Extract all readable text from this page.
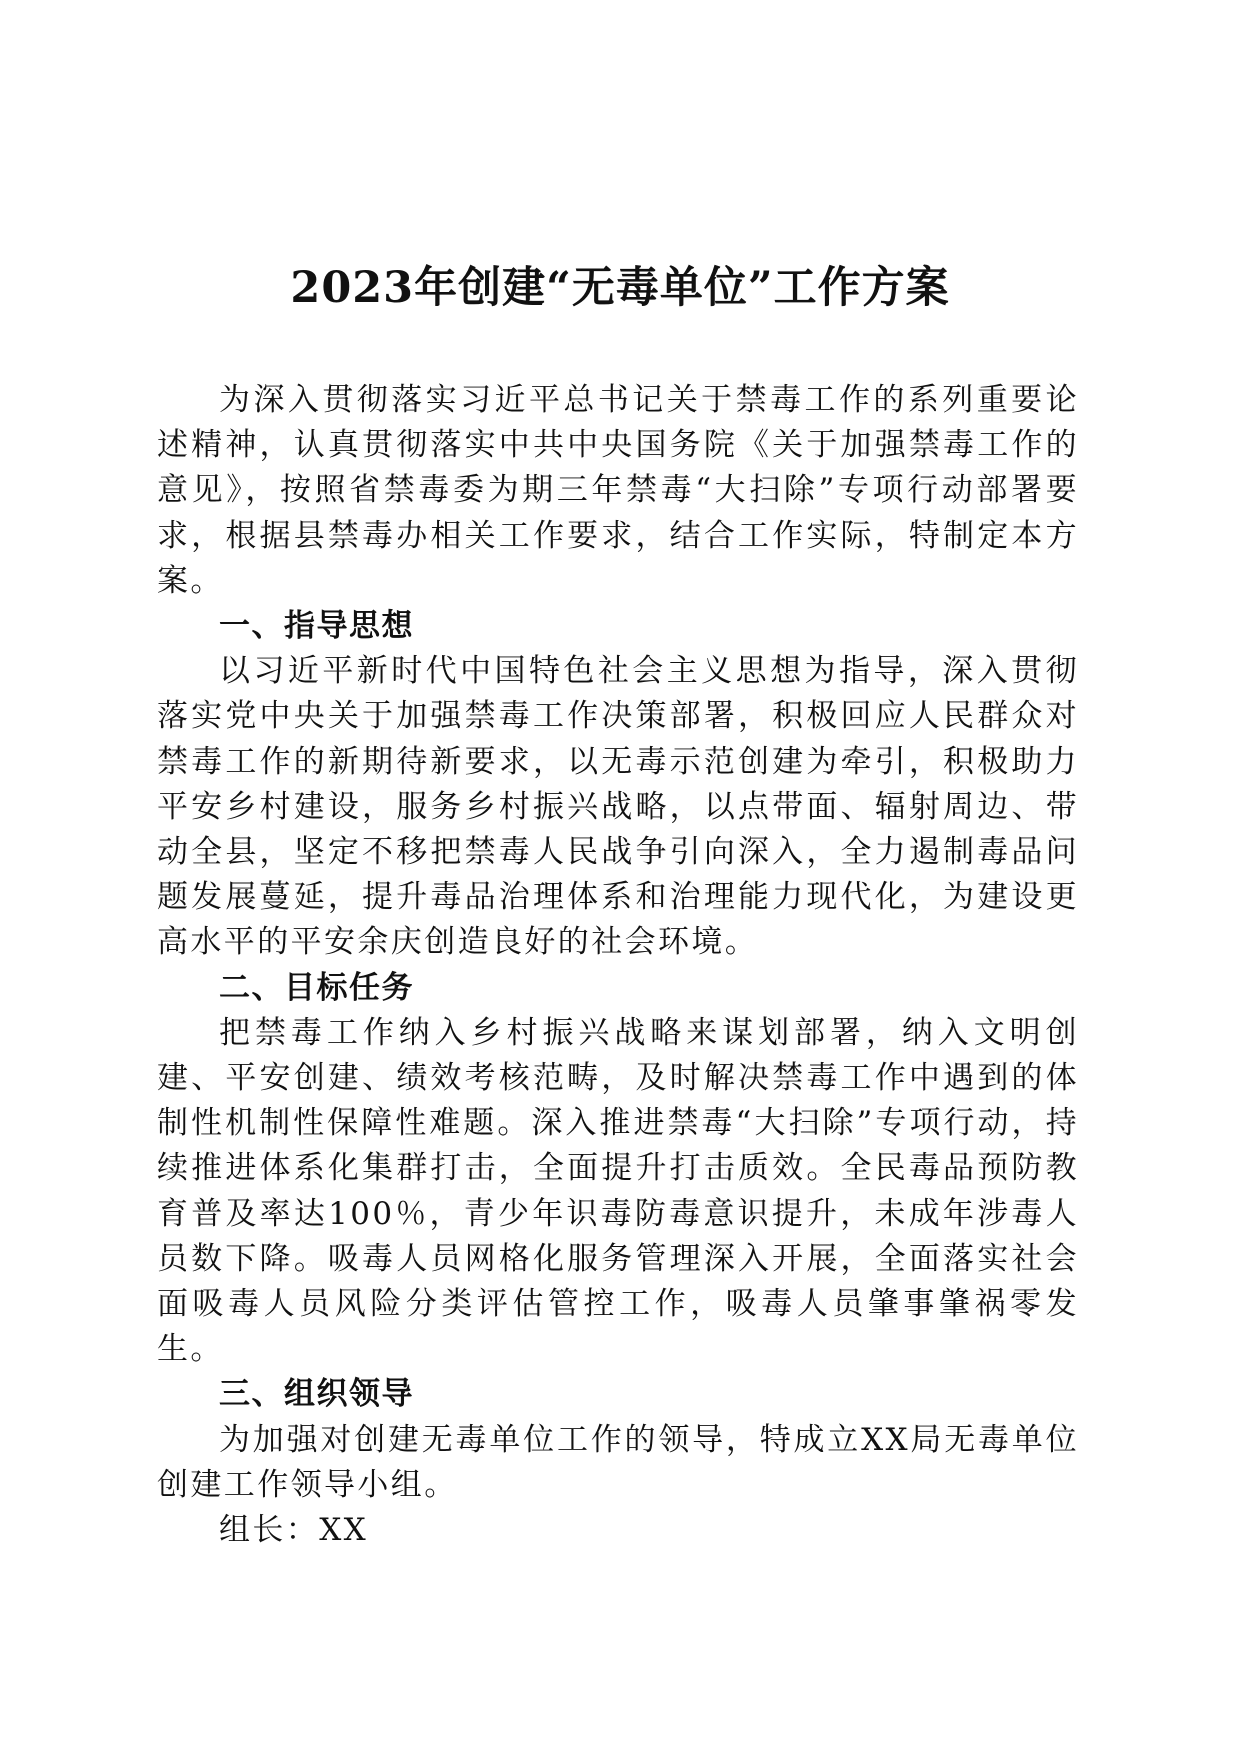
2023年创建“无毒单位”工作方案

为深入贯彻落实习近平总书记关于禁毒工作的系列重要论述精神，认真贯彻落实中共中央国务院《关于加强禁毒工作的意见》，按照省禁毒委为期三年禁毒“大扫除”专项行动部署要求，根据县禁毒办相关工作要求，结合工作实际，特制定本方案。

一、指导思想

以习近平新时代中国特色社会主义思想为指导，深入贯彻落实党中央关于加强禁毒工作决策部署，积极回应人民群众对禁毒工作的新期待新要求，以无毒示范创建为牵引，积极助力平安乡村建设，服务乡村振兴战略，以点带面、辐射周边、带动全县，坚定不移把禁毒人民战争引向深入，全力遏制毒品问题发展蔓延，提升毒品治理体系和治理能力现代化，为建设更高水平的平安余庆创造良好的社会环境。

二、目标任务

把禁毒工作纳入乡村振兴战略来谋划部署，纳入文明创建、平安创建、绩效考核范畴，及时解决禁毒工作中遇到的体制性机制性保障性难题。深入推进禁毒“大扫除”专项行动，持续推进体系化集群打击，全面提升打击质效。全民毒品预防教育普及率达100％，青少年识毒防毒意识提升，未成年涉毒人员数下降。吸毒人员网格化服务管理深入开展，全面落实社会面吸毒人员风险分类评估管控工作，吸毒人员肇事肇祸零发生。

三、组织领导

为加强对创建无毒单位工作的领导，特成立XX局无毒单位创建工作领导小组。

组长：XX
